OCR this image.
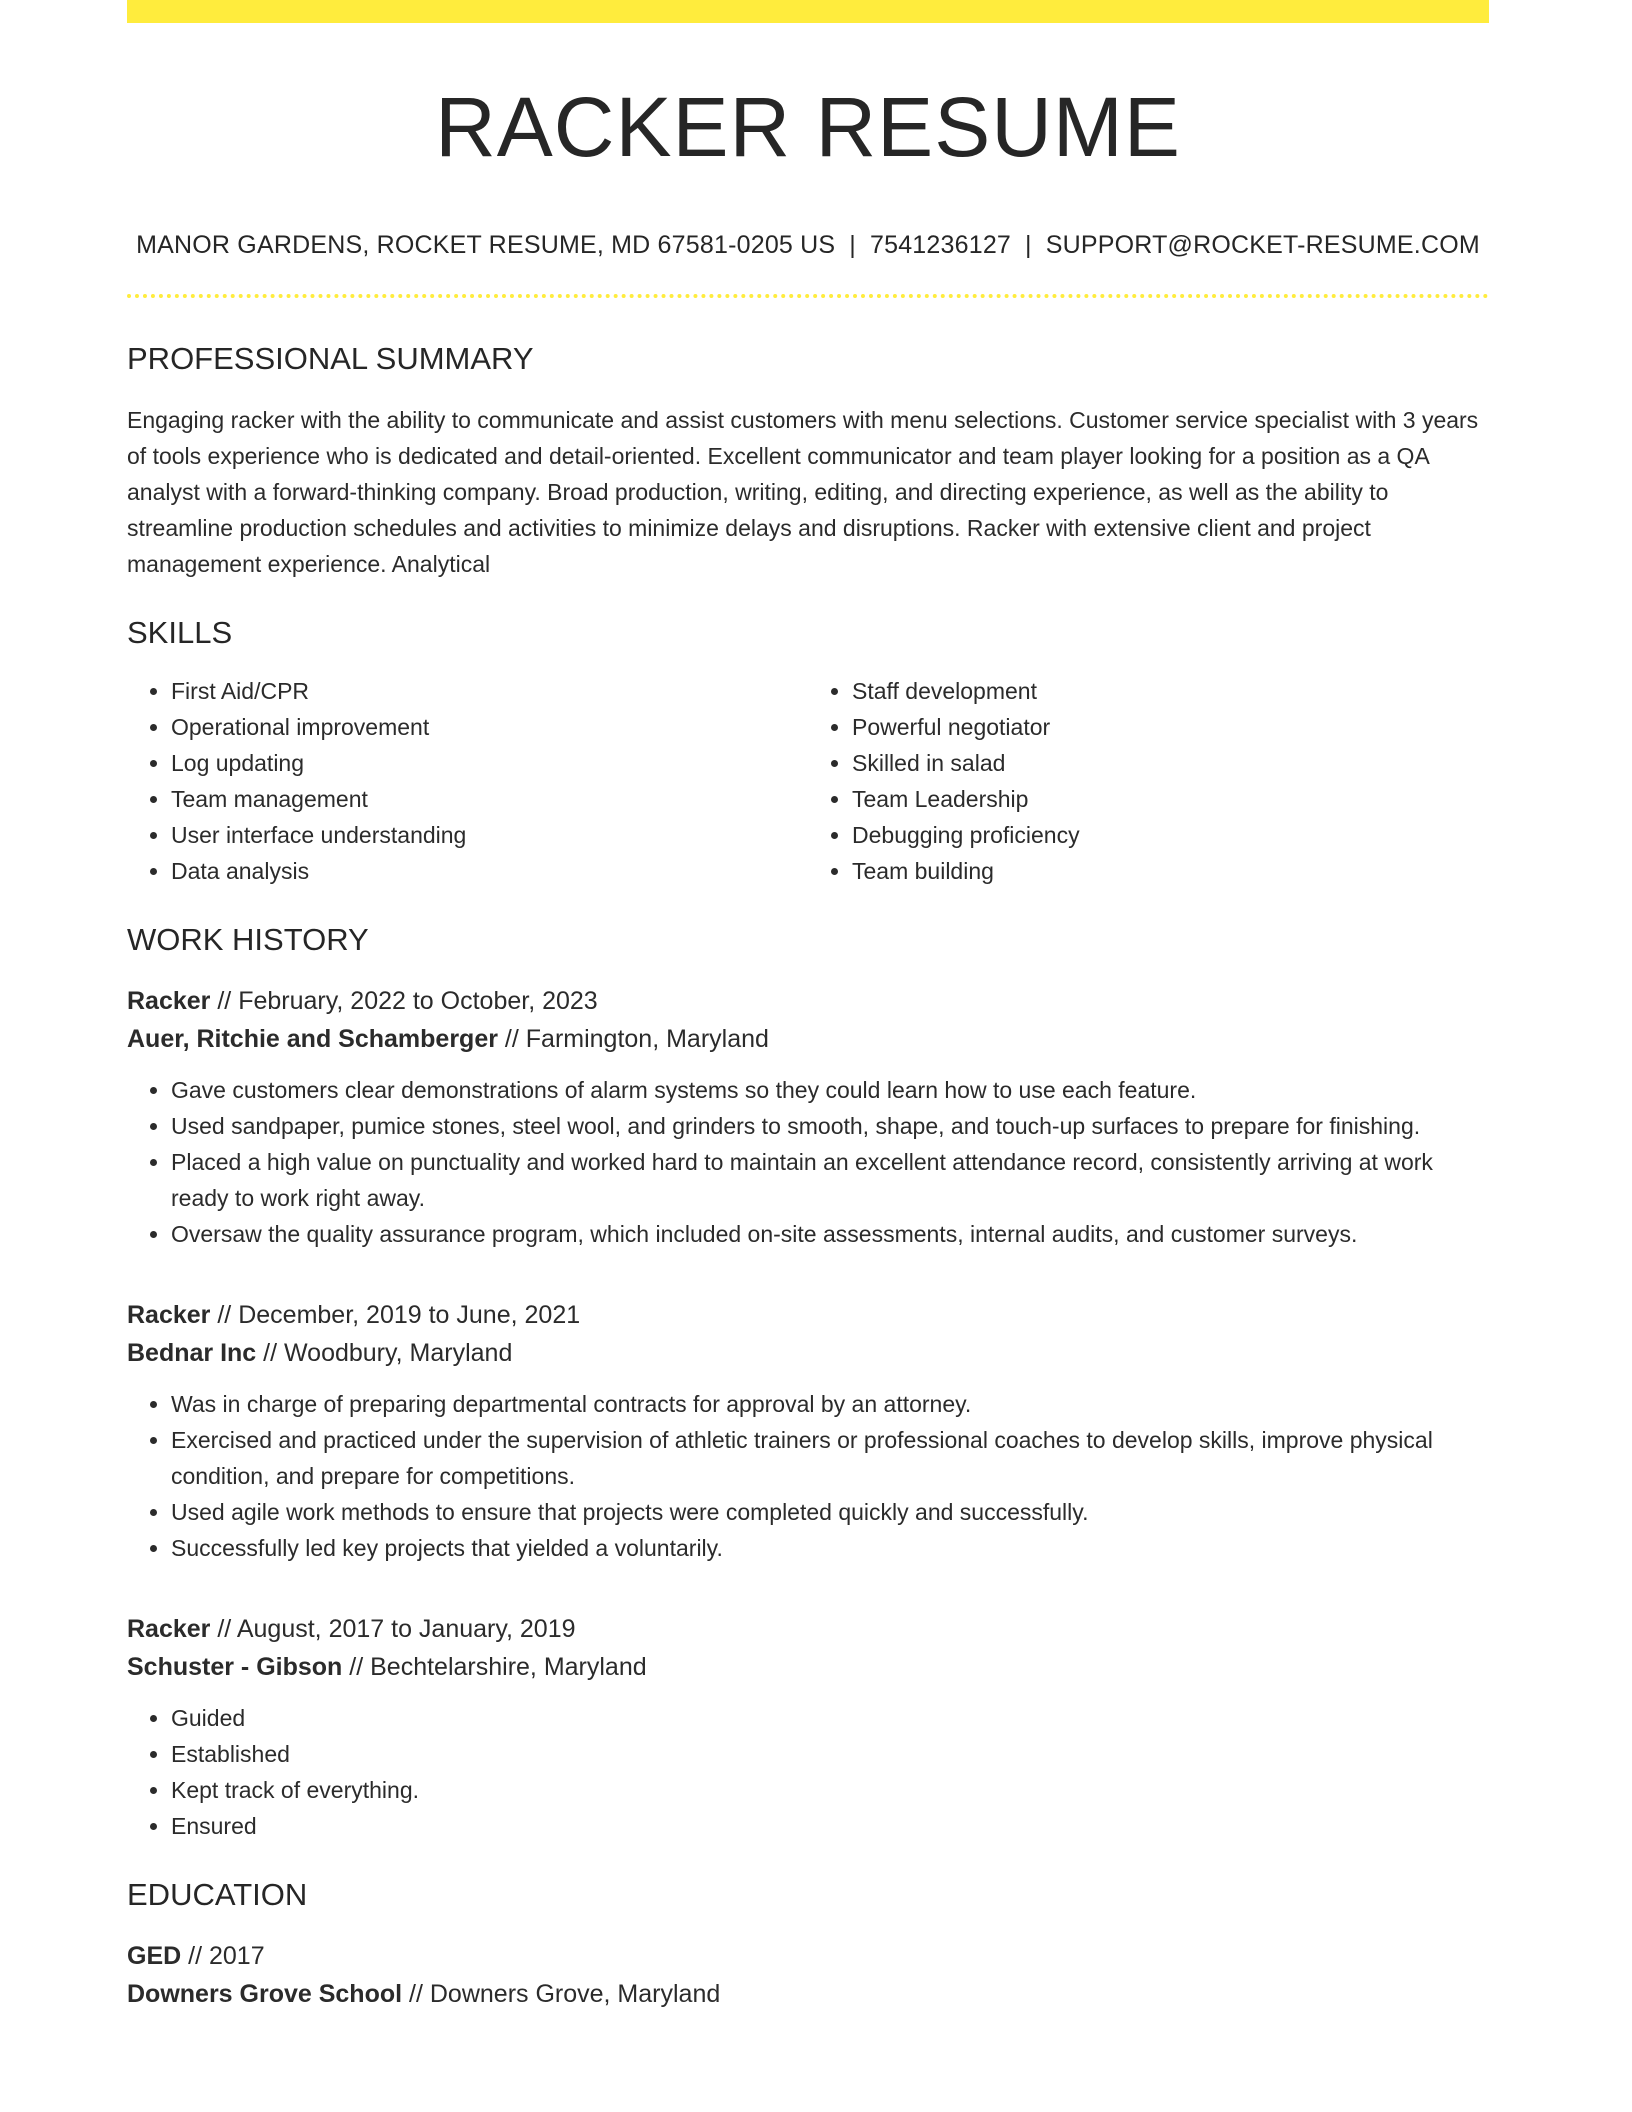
RACKER RESUME
MANOR GARDENS, ROCKET RESUME, MD 67581-0205 US | 7541236127 | SUPPORT@ROCKET-RESUME.COM
PROFESSIONAL SUMMARY

Engaging racker with the ability to communicate and assist customers with menu selections. Customer service specialist with 3 years of tools experience who is dedicated and detail-oriented. Excellent communicator and team player looking for a position as a QA analyst with a forward-thinking company. Broad production, writing, editing, and directing experience, as well as the ability to streamline production schedules and activities to minimize delays and disruptions. Racker with extensive client and project management experience. Analytical

SKILLS
• First Aid/CPR
• Operational improvement
• Log updating
• Team management
• User interface understanding
• Data analysis
• Staff development
• Powerful negotiator
• Skilled in salad
• Team Leadership
• Debugging proficiency
• Team building
WORK HISTORY
Racker // February, 2022 to October, 2023
Auer, Ritchie and Schamberger // Farmington, Maryland
• Gave customers clear demonstrations of alarm systems so they could learn how to use each feature.
• Used sandpaper, pumice stones, steel wool, and grinders to smooth, shape, and touch-up surfaces to prepare for finishing.
• Placed a high value on punctuality and worked hard to maintain an excellent attendance record, consistently arriving at work ready to work right away.
• Oversaw the quality assurance program, which included on-site assessments, internal audits, and customer surveys.
Racker // December, 2019 to June, 2021
Bednar Inc // Woodbury, Maryland
• Was in charge of preparing departmental contracts for approval by an attorney.
• Exercised and practiced under the supervision of athletic trainers or professional coaches to develop skills, improve physical condition, and prepare for competitions.
• Used agile work methods to ensure that projects were completed quickly and successfully.
• Successfully led key projects that yielded a voluntarily.
Racker // August, 2017 to January, 2019
Schuster - Gibson // Bechtelarshire, Maryland
• Guided
• Established
• Kept track of everything.
• Ensured
EDUCATION
GED // 2017
Downers Grove School // Downers Grove, Maryland
